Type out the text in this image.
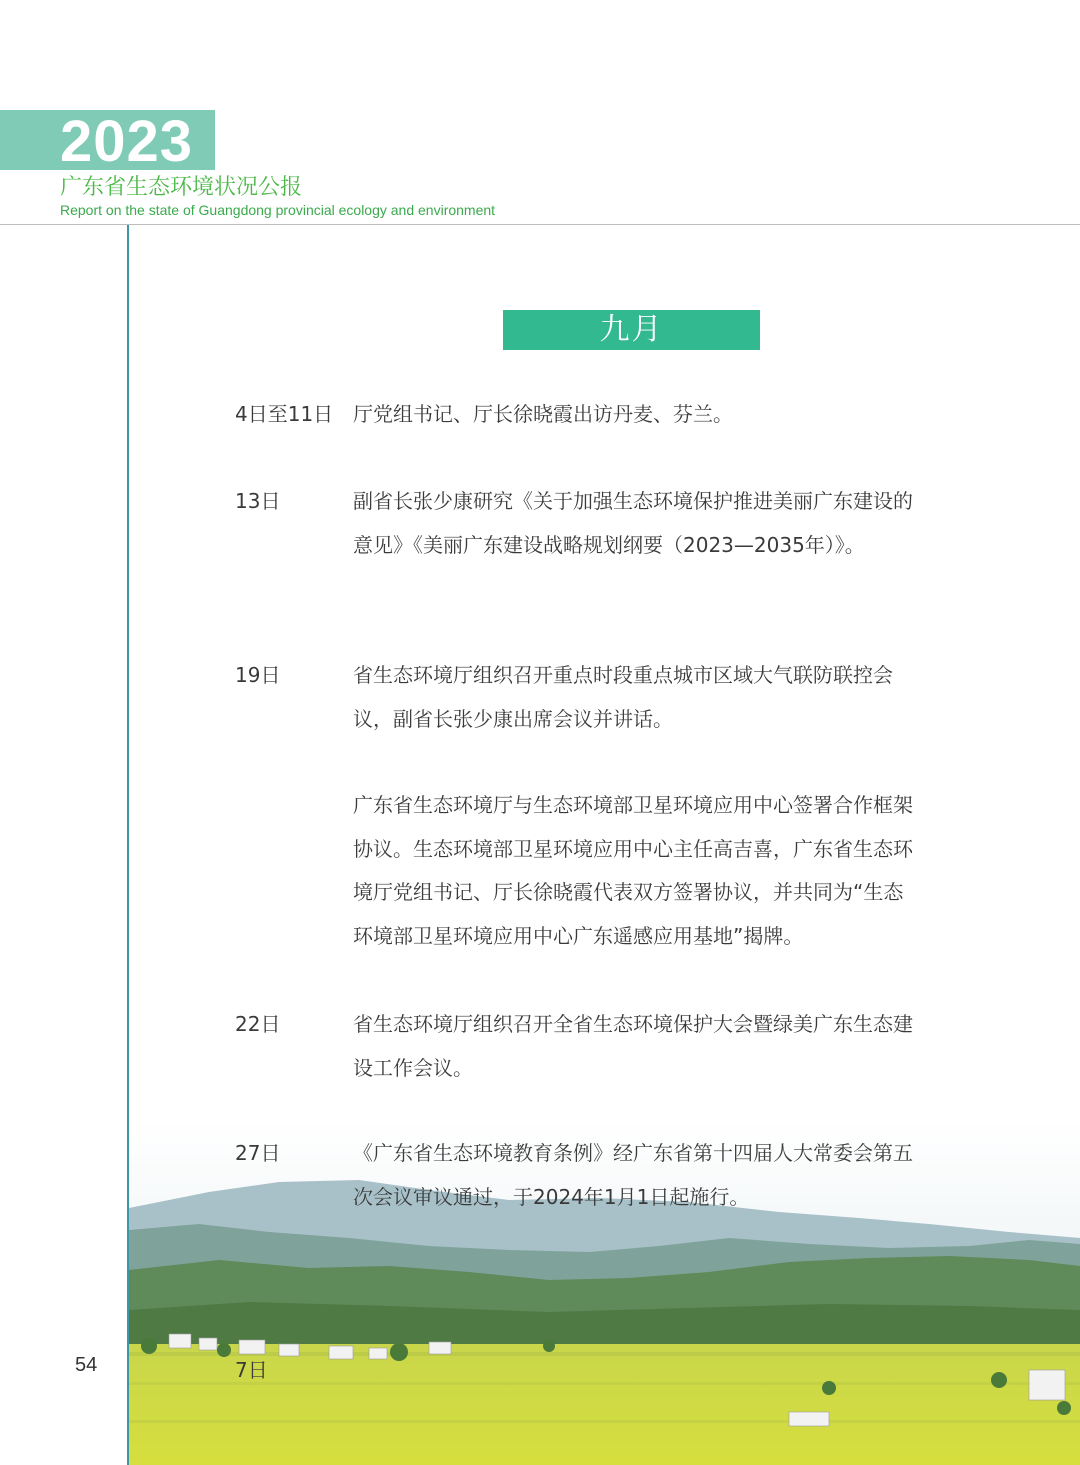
2023
广东省生态环境状况公报
Report on the state of Guangdong provincial ecology and environment
九月
4日至11日 厅党组书记、厅长徐晓霞出访丹麦、芬兰。
13日	副省长张少康研究《关于加强生态环境保护推进美丽广东建设的意见》《美丽广东建设战略规划纲要（2023—2035年）》。
19日	省生态环境厅组织召开重点时段重点城市区域大气联防联控会议，副省长张少康出席会议并讲话。
广东省生态环境厅与生态环境部卫星环境应用中心签署合作框架协议。生态环境部卫星环境应用中心主任高吉喜，广东省生态环境厅党组书记、厅长徐晓霞代表双方签署协议，并共同为“生态环境部卫星环境应用中心广东遥感应用基地”揭牌。
22日	省生态环境厅组织召开全省生态环境保护大会暨绿美广东生态建设工作会议。
27日	《广东省生态环境教育条例》经广东省第十四届人大常委会第五次会议审议通过，于2024年1月1日起施行。
7日
54
